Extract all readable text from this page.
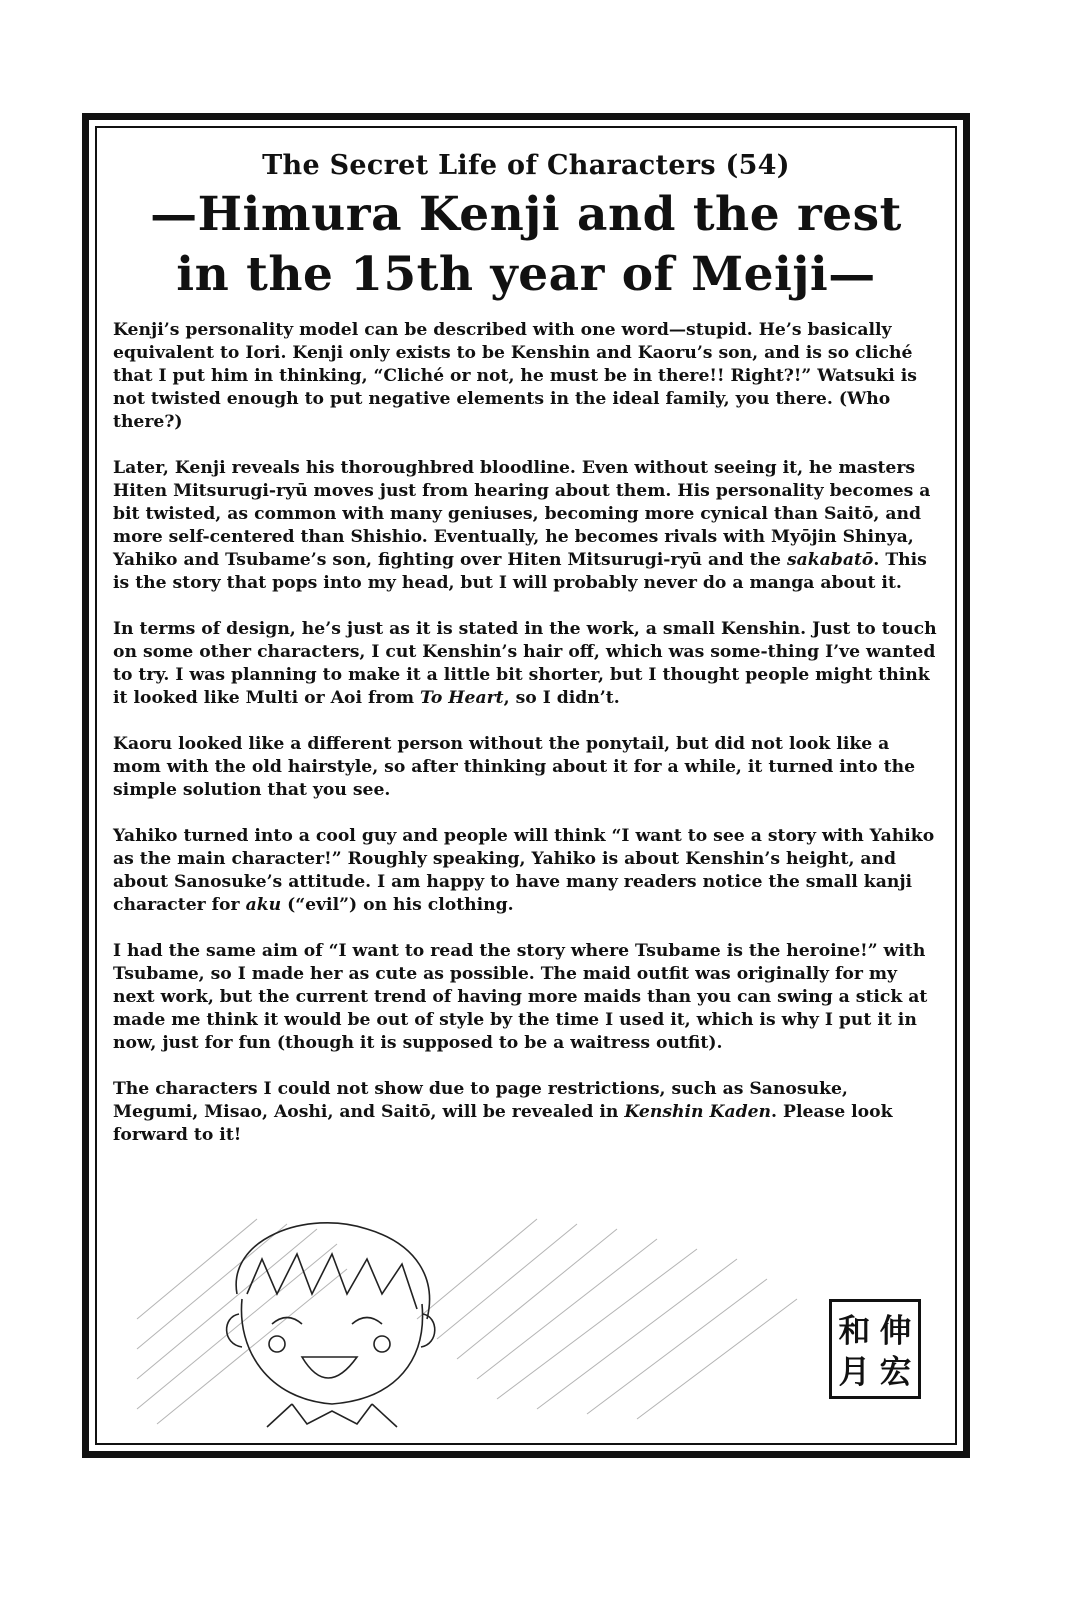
The Secret Life of Characters (54)
—Himura Kenji and the rest
in the 15th year of Meiji—

Kenji’s personality model can be described with one word—stupid. He’s basically equivalent to Iori. Kenji only exists to be Kenshin and Kaoru’s son, and is so cliché that I put him in thinking, “Cliché or not, he must be in there!! Right?!” Watsuki is not twisted enough to put negative elements in the ideal family, you there. (Who there?)

Later, Kenji reveals his thoroughbred bloodline. Even without seeing it, he masters Hiten Mitsurugi-ryū moves just from hearing about them. His personality becomes a bit twisted, as common with many geniuses, becoming more cynical than Saitō, and more self-centered than Shishio. Eventually, he becomes rivals with Myōjin Shinya, Yahiko and Tsubame’s son, fighting over Hiten Mitsurugi-ryū and the sakabatō. This is the story that pops into my head, but I will probably never do a manga about it.

In terms of design, he’s just as it is stated in the work, a small Kenshin. Just to touch on some other characters, I cut Kenshin’s hair off, which was some-thing I’ve wanted to try. I was planning to make it a little bit shorter, but I thought people might think it looked like Multi or Aoi from To Heart, so I didn’t.

Kaoru looked like a different person without the ponytail, but did not look like a mom with the old hairstyle, so after thinking about it for a while, it turned into the simple solution that you see.

Yahiko turned into a cool guy and people will think “I want to see a story with Yahiko as the main character!” Roughly speaking, Yahiko is about Kenshin’s height, and about Sanosuke’s attitude. I am happy to have many readers notice the small kanji character for aku (“evil”) on his clothing.

I had the same aim of “I want to read the story where Tsubame is the heroine!” with Tsubame, so I made her as cute as possible. The maid outfit was originally for my next work, but the current trend of having more maids than you can swing a stick at made me think it would be out of style by the time I used it, which is why I put it in now, just for fun (though it is supposed to be a waitress outfit).

The characters I could not show due to page restrictions, such as Sanosuke, Megumi, Misao, Aoshi, and Saitō, will be revealed in Kenshin Kaden. Please look forward to it!

伸
宏
和
月
